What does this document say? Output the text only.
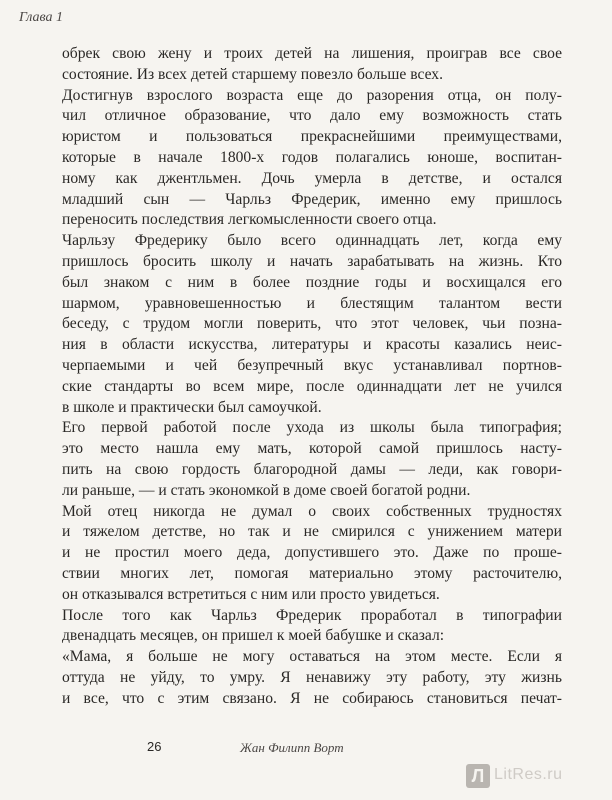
Глава 1
обрек свою жену и троих детей на лишения, проиграв все свое
состояние. Из всех детей старшему повезло больше всех.
Достигнув взрослого возраста еще до разорения отца, он полу-
чил отличное образование, что дало ему возможность стать
юристом и пользоваться прекраснейшими преимуществами,
которые в начале 1800-х годов полагались юноше, воспитан-
ному как джентльмен. Дочь умерла в детстве, и остался
младший сын — Чарльз Фредерик, именно ему пришлось
переносить последствия легкомысленности своего отца.
Чарльзу Фредерику было всего одиннадцать лет, когда ему
пришлось бросить школу и начать зарабатывать на жизнь. Кто
был знаком с ним в более поздние годы и восхищался его
шармом, уравновешенностью и блестящим талантом вести
беседу, с трудом могли поверить, что этот человек, чьи позна-
ния в области искусства, литературы и красоты казались неис-
черпаемыми и чей безупречный вкус устанавливал портнов-
ские стандарты во всем мире, после одиннадцати лет не учился
в школе и практически был самоучкой.
Его первой работой после ухода из школы была типография;
это место нашла ему мать, которой самой пришлось насту-
пить на свою гордость благородной дамы — леди, как говори-
ли раньше, — и стать экономкой в доме своей богатой родни.
Мой отец никогда не думал о своих собственных трудностях
и тяжелом детстве, но так и не смирился с унижением матери
и не простил моего деда, допустившего это. Даже по проше-
ствии многих лет, помогая материально этому расточителю,
он отказывался встретиться с ним или просто увидеться.
После того как Чарльз Фредерик проработал в типографии
двенадцать месяцев, он пришел к моей бабушке и сказал:
«Мама, я больше не могу оставаться на этом месте. Если я
оттуда не уйду, то умру. Я ненавижу эту работу, эту жизнь
и все, что с этим связано. Я не собираюсь становиться печат-
26	Жан Филипп Ворт
Л LitRes.ru
